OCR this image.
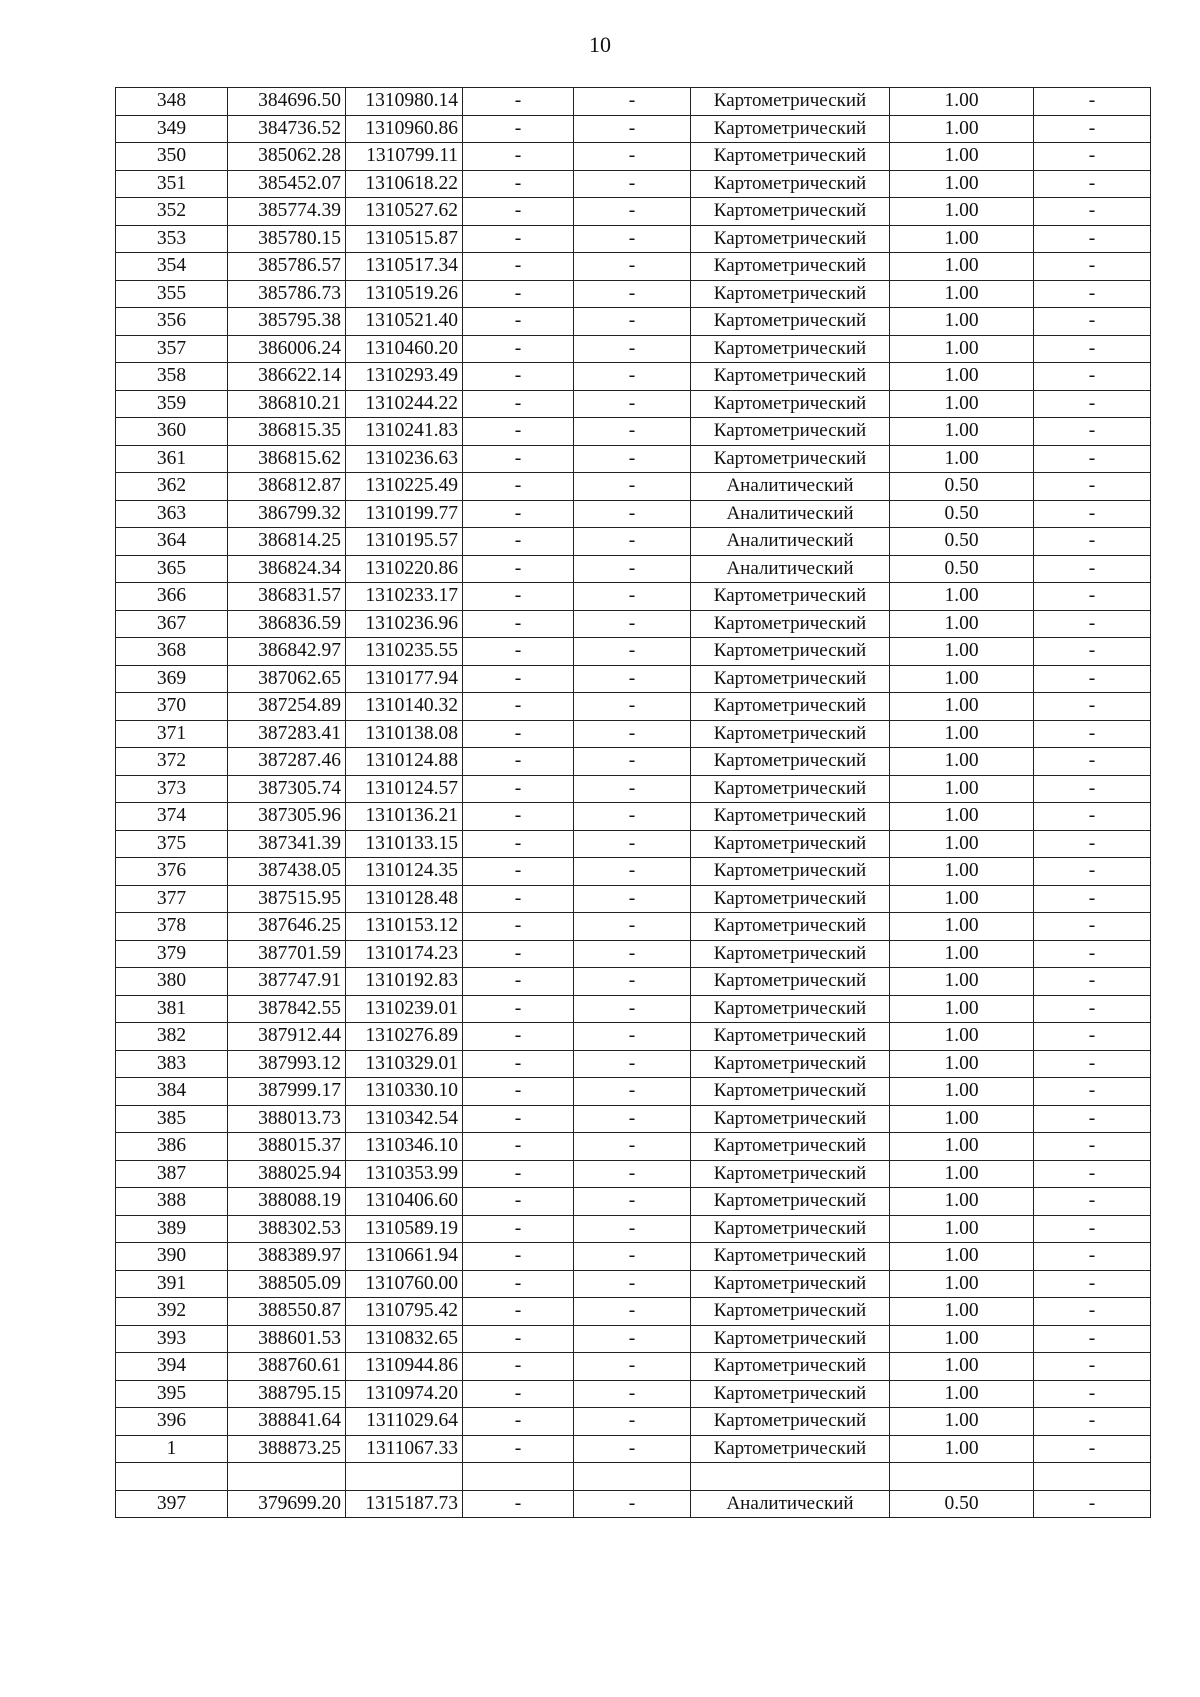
10
348	384696.50	1310980.14	-	-	Картометрический	1.00	-
349	384736.52	1310960.86	-	-	Картометрический	1.00	-
350	385062.28	1310799.11	-	-	Картометрический	1.00	-
351	385452.07	1310618.22	-	-	Картометрический	1.00	-
352	385774.39	1310527.62	-	-	Картометрический	1.00	-
353	385780.15	1310515.87	-	-	Картометрический	1.00	-
354	385786.57	1310517.34	-	-	Картометрический	1.00	-
355	385786.73	1310519.26	-	-	Картометрический	1.00	-
356	385795.38	1310521.40	-	-	Картометрический	1.00	-
357	386006.24	1310460.20	-	-	Картометрический	1.00	-
358	386622.14	1310293.49	-	-	Картометрический	1.00	-
359	386810.21	1310244.22	-	-	Картометрический	1.00	-
360	386815.35	1310241.83	-	-	Картометрический	1.00	-
361	386815.62	1310236.63	-	-	Картометрический	1.00	-
362	386812.87	1310225.49	-	-	Аналитический	0.50	-
363	386799.32	1310199.77	-	-	Аналитический	0.50	-
364	386814.25	1310195.57	-	-	Аналитический	0.50	-
365	386824.34	1310220.86	-	-	Аналитический	0.50	-
366	386831.57	1310233.17	-	-	Картометрический	1.00	-
367	386836.59	1310236.96	-	-	Картометрический	1.00	-
368	386842.97	1310235.55	-	-	Картометрический	1.00	-
369	387062.65	1310177.94	-	-	Картометрический	1.00	-
370	387254.89	1310140.32	-	-	Картометрический	1.00	-
371	387283.41	1310138.08	-	-	Картометрический	1.00	-
372	387287.46	1310124.88	-	-	Картометрический	1.00	-
373	387305.74	1310124.57	-	-	Картометрический	1.00	-
374	387305.96	1310136.21	-	-	Картометрический	1.00	-
375	387341.39	1310133.15	-	-	Картометрический	1.00	-
376	387438.05	1310124.35	-	-	Картометрический	1.00	-
377	387515.95	1310128.48	-	-	Картометрический	1.00	-
378	387646.25	1310153.12	-	-	Картометрический	1.00	-
379	387701.59	1310174.23	-	-	Картометрический	1.00	-
380	387747.91	1310192.83	-	-	Картометрический	1.00	-
381	387842.55	1310239.01	-	-	Картометрический	1.00	-
382	387912.44	1310276.89	-	-	Картометрический	1.00	-
383	387993.12	1310329.01	-	-	Картометрический	1.00	-
384	387999.17	1310330.10	-	-	Картометрический	1.00	-
385	388013.73	1310342.54	-	-	Картометрический	1.00	-
386	388015.37	1310346.10	-	-	Картометрический	1.00	-
387	388025.94	1310353.99	-	-	Картометрический	1.00	-
388	388088.19	1310406.60	-	-	Картометрический	1.00	-
389	388302.53	1310589.19	-	-	Картометрический	1.00	-
390	388389.97	1310661.94	-	-	Картометрический	1.00	-
391	388505.09	1310760.00	-	-	Картометрический	1.00	-
392	388550.87	1310795.42	-	-	Картометрический	1.00	-
393	388601.53	1310832.65	-	-	Картометрический	1.00	-
394	388760.61	1310944.86	-	-	Картометрический	1.00	-
395	388795.15	1310974.20	-	-	Картометрический	1.00	-
396	388841.64	1311029.64	-	-	Картометрический	1.00	-
1	388873.25	1311067.33	-	-	Картометрический	1.00	-

397	379699.20	1315187.73	-	-	Аналитический	0.50	-
